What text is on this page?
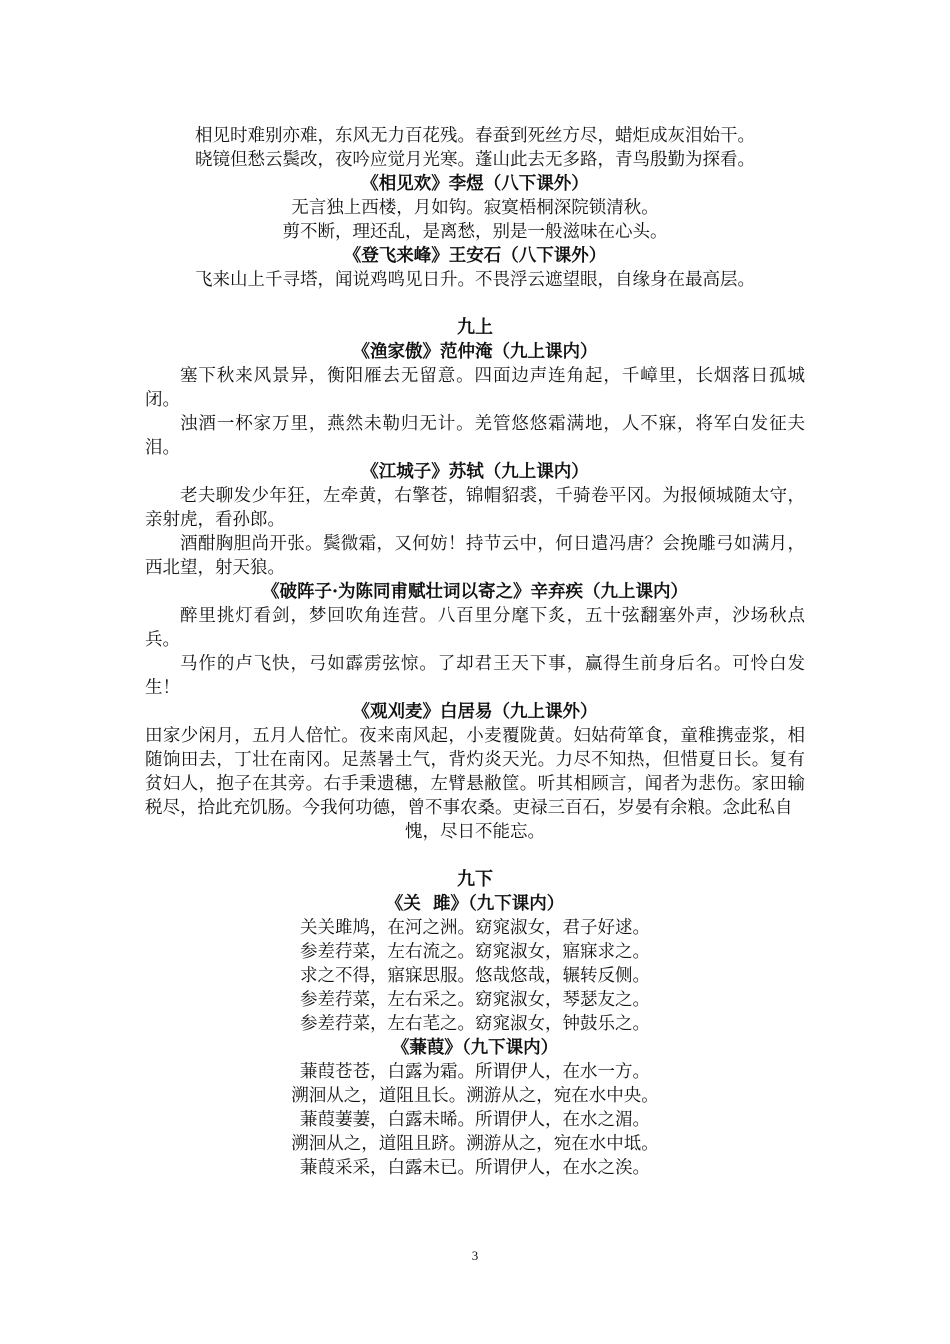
相见时难别亦难，东风无力百花残。春蚕到死丝方尽，蜡炬成灰泪始干。
晓镜但愁云鬓改，夜吟应觉月光寒。蓬山此去无多路，青鸟殷勤为探看。
《相见欢》李煜（八下课外）
无言独上西楼，月如钩。寂寞梧桐深院锁清秋。
剪不断，理还乱，是离愁，别是一般滋味在心头。
《登飞来峰》王安石（八下课外）
飞来山上千寻塔，闻说鸡鸣见日升。不畏浮云遮望眼，自缘身在最高层。
九上
《渔家傲》范仲淹（九上课内）
塞下秋来风景异，衡阳雁去无留意。四面边声连角起，千嶂里，长烟落日孤城闭。
浊酒一杯家万里，燕然未勒归无计。羌管悠悠霜满地，人不寐，将军白发征夫泪。
《江城子》苏轼（九上课内）
老夫聊发少年狂，左牵黄，右擎苍，锦帽貂裘，千骑卷平冈。为报倾城随太守，亲射虎，看孙郎。
酒酣胸胆尚开张。鬓微霜，又何妨！持节云中，何日遣冯唐？会挽雕弓如满月，西北望，射天狼。
《破阵子·为陈同甫赋壮词以寄之》辛弃疾（九上课内）
醉里挑灯看剑，梦回吹角连营。八百里分麾下炙，五十弦翻塞外声，沙场秋点兵。
马作的卢飞快，弓如霹雳弦惊。了却君王天下事，赢得生前身后名。可怜白发生！
《观刈麦》白居易（九上课外）
田家少闲月，五月人倍忙。夜来南风起，小麦覆陇黄。妇姑荷箪食，童稚携壶浆，相随饷田去，丁壮在南冈。足蒸暑土气，背灼炎天光。力尽不知热，但惜夏日长。复有贫妇人，抱子在其旁。右手秉遗穗，左臂悬敝筐。听其相顾言，闻者为悲伤。家田输税尽，拾此充饥肠。今我何功德，曾不事农桑。吏禄三百石，岁晏有余粮。念此私自
愧，尽日不能忘。
九下
《关  雎》（九下课内）
关关雎鸠，在河之洲。窈窕淑女，君子好逑。
参差荇菜，左右流之。窈窕淑女，寤寐求之。
求之不得，寤寐思服。悠哉悠哉，辗转反侧。
参差荇菜，左右采之。窈窕淑女，琴瑟友之。
参差荇菜，左右芼之。窈窕淑女，钟鼓乐之。
《蒹葭》（九下课内）
蒹葭苍苍，白露为霜。所谓伊人，在水一方。
溯洄从之，道阻且长。溯游从之，宛在水中央。
蒹葭萋萋，白露未晞。所谓伊人，在水之湄。
溯洄从之，道阻且跻。溯游从之，宛在水中坻。
蒹葭采采，白露未已。所谓伊人，在水之涘。
3
